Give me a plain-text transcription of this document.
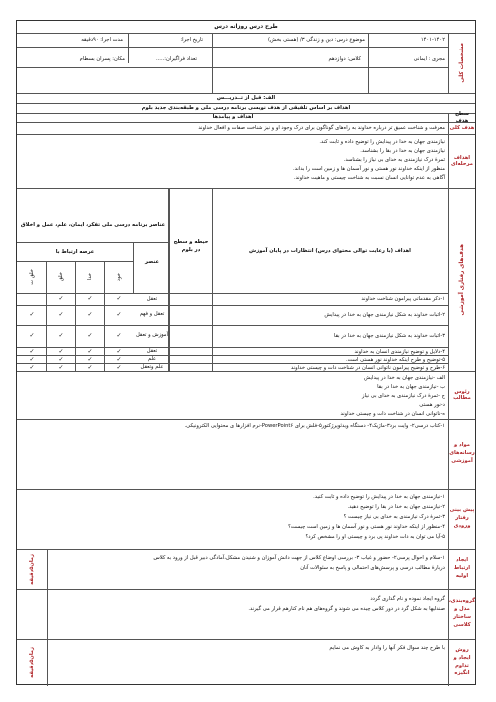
طرح درس روزانه درس
مشخصات کلی
۱۴۰۱-۱۴۰۲
موضوع درس: دین و زندگی ۳/ (هستی بخش)
تاریخ اجرا:
مدت اجرا: ۹۰دقیقه
مجری : ایمانی
کلاس: دوازدهم
تعداد فراگیران:.....
مکان: پسران بسطام
الف: قبل از تــدریـــس
اهداف بر اساس تلفیقی از هدف نویسی برنامه درسی ملی و طبقه‌بندی جدید بلوم
سطح هدف
اهداف و پیامدها
هدف کلی
معرفت و شناخت عمیق تر درباره خداوند به راه‌های گوناگون برای درک وجود او و نیز شناخت صفات و افعال خداوند
اهداف مرحله‌ای
نیازمندی جهان به خدا در پیدایش را توضیح داده و ثابت کند.
نیازمندی جهان به خدا در بقا را بشناسد.
ثمرهٔ درک نیازمندی به خدای بی نیاز را بشناسد.
منظور از اینکه خداوند نور هستی و نور آسمان ها و زمین است را بداند.
آگاهی به عدم توانایی انسان نسبت به شناخت چیستی و ماهیت خداوند.
هدف‌های رفتاری آموزشی
اهداف (با رعایت توالی محتوای درس) انتظارات در پایان آموزش
حیطه و سطح در بلوم
عناصر برنامه درسی ملی تفکر، ایمان، علم، عمل و اخلاق
عرصه ارتباط با
عنصر
خود
خدا
خلق
خلق ت
۱-ذکر مقدماتی پیرامون شناخت خداوند
تعقل
✓
✓
✓
۲-اثبات خداوند به شکل نیازمندی جهان به خدا در پیدایش
تعقل و فهم
✓
✓
✓
✓
۳-اثبات خداوند به شکل نیازمندی جهان به خدا در بقا
آموزش و تعقل
✓
✓
✓
✓
۴-دلایل و توضیح نیازمندی انسان به خداوند
تعقل
✓
✓
✓
✓
۵-توضیح و طرح اینکه خداوند نور هستی است.
علم
✓
✓
✓
✓
۶-طرح و توضیح پیرامون ناتوانی انسان در شناخت ذات و چیستی خداوند
علم وتعقل
✓
✓
✓
✓
رئوس مطالب
الف -نیازمندی جهان به خدا در پیدایش
ب -نیازمندی جهان به خدا در بقا
ج -ثمرهٔ درک نیازمندی به خدای بی نیاز
د-نور هستی
ه-ناتوانی انسان در شناخت ذات و چیستی خداوند
مواد و رسانه‌های آموزشی
۱-کتاب درسی۲- وایت برد۳-ماژیک۴- دستگاه ویدئوپرژکتور۵-فلش برای PowerPoint۶-نرم افزارها ی محتوایی الکترونیکی.
پیش بینی رفتار ورودی
۱-نیازمندی جهان به خدا در پیدایش را توضیح داده و ثابت کنید.
۲-نیازمندی جهان به خدا در بقا را توضیح دهید.
۳-ثمرهٔ درک نیازمندی به خدای بی نیاز چیست ؟
۴-منظور از اینکه خداوند نور هستی و نور آسمان ها و زمین است چیست؟
۵-آیا می توان به ذات خداوند پی برد و چیستی او را مشخص کرد؟
ایجاد ارتباط اولیه
زمان۵دقیقه	۱-سلام و احوال پرسی۲- حضور و غیاب ۳- بررسی اوضاع کلاس از جهت دانش آموزان و شنیدن مشکل،آمادگی دبیر قبل از ورود به کلاس
دربارهٔ مطالب درسی و پرسش‌های احتمالی و پاسخ به سئوالات آنان
گروه‌بندی، مدل و ساختار کلاسی
گروه ایجاد نموده و نام گذاری گردد
صندلیها به شکل گرد در دور کلاس چیده می شوند و گروه‌های هم نام کنارهم قرار می گیرند.
روش ایجاد و تداوم انگیزه
زمان۵دقیقه	با طرح چند سوال فکر آنها را وادار به کاوش می نمایم
